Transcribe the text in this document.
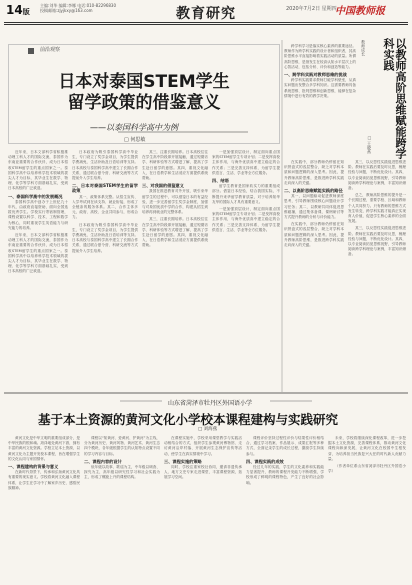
14版
主编:刘华 编辑:李娜 电话:010-82296830
投稿邮箱:zjyjkxy@163.com	教育研究	2020年7月2日 星期四
中国教师报
前沿观察
日本对泰国STEM学生
留学政策的借鉴意义
——以泰国科学高中为例
□ 何思敏
教师成长	以教师高阶思维赋能跨学科实践
□ 王晓燕

跨学科学习是落实核心素养的重要途径。教师作为跨学科实践的设计者和组织者，其高阶思维水平直接影响着实践活动的质量。所谓高阶思维，是指发生在较高认知水平层次上的心智活动，包括分析、评价和创造等能力。

一、跨学科实践对教师思维的挑战

跨学科实践要求教师打破学科壁垒，从真实问题出发整合多学科知识。这需要教师具备系统思维、批判思维和创新思维，能够在复杂情境中进行有效的教学决策。

近年来，日本文部科学省积极推动理工科人才的国际交流，泰国作为东南亚重要的合作伙伴，成为日本招收STEM留学生的重点国家之一。泰国科学高中以培养科学技术领域的拔尖人才为目标，其毕业生在数学、物理、化学等学科方面基础扎实，受到日本高校的广泛欢迎。

一、泰国科学高中的发展概况

泰国科学高中创办于上世纪九十年代，由政府直接资助，面向全国选拔优秀学生。学校实行寄宿制管理，课程设置以科学、技术、工程和数学为核心，同时重视学生英语能力与研究能力的培养。

近年来，日本文部科学省积极推动理工科人才的国际交流，泰国作为东南亚重要的合作伙伴，成为日本招收STEM留学生的重点国家之一。泰国科学高中以培养科学技术领域的拔尖人才为目标，其毕业生在数学、物理、化学等学科方面基础扎实，受到日本高校的广泛欢迎。

日本政府为吸引泰国科学高中毕业生，专门设立了奖学金项目，为学生提供学费减免、生活补助及日语培训等支持。日本高校与泰国科学高中建立了长期合作关系，通过联合夏令营、科研交流等方式提前介入学生培养。

二、日本对泰国STEM学生的留学政策

其一，政策体系完整。从招生宣传、入学考试到在读支持、就业衔接，形成了全链条的服务体系。其二，合作主体多元，政府、高校、企业共同参与，形成合力。

日本政府为吸引泰国科学高中毕业生，专门设立了奖学金项目，为学生提供学费减免、生活补助及日语培训等支持。日本高校与泰国科学高中建立了长期合作关系，通过联合夏令营、科研交流等方式提前介入学生培养。

其三，注重长期培养。日本高校往往在学生高中阶段即开展接触，通过短期访学、科研体验等方式增进了解，提高了学生赴日留学的意愿。其四，重视文化融入，在日语教学和生活适应方面提供系统帮助。

三、对我国的借鉴意义

我国在推进教育对外开放、吸引来华留学生的过程中，可以借鉴日本的有益经验，进一步完善留学生奖学金制度，加强与对象国优质中学的合作，构建从招生到培养再到就业的完整体系。

其三，注重长期培养。日本高校往往在学生高中阶段即开展接触，通过短期访学、科研体验等方式增进了解，提高了学生赴日留学的意愿。其四，重视文化融入，在日语教学和生活适应方面提供系统帮助。

一是加强顶层设计，制定面向重点国家的STEM留学生专项计划；二是发挥高校主体作用，与海外优质高中建立稳定的合作关系；三是完善支持体系，为留学生提供语言、生活、学业等全方位服务。

四、结语

留学生教育是国家软实力的重要组成部分。借鉴日本经验，结合我国实际，不断提升来华留学教育质量，对于培养知华友华的国际人才具有重要意义。

一是加强顶层设计，制定面向重点国家的STEM留学生专项计划；二是发挥高校主体作用，与海外优质高中建立稳定的合作关系；三是完善支持体系，为留学生提供语言、生活、学业等全方位服务。

在实践中，部分教师仍停留在知识拼盘式的浅层整合，缺乏对学科本质和问题逻辑的深入思考。因此，提升教师高阶思维，是推进跨学科实践走向深入的关键。

二、以高阶思维赋能实践的路径

其一，以问题驱动促进教师深度思考，引导教师围绕核心问题设计学习任务；其二，以教研共同体促进思维碰撞，通过集体备课、课例研讨等方式提升教师的分析与评价能力。

在实践中，部分教师仍停留在知识拼盘式的浅层整合，缺乏对学科本质和问题逻辑的深入思考。因此，提升教师高阶思维，是推进跨学科实践走向深入的关键。

其三，以反思性实践促进思维进阶。教师在实践后要及时反思，梳理经验与问题，不断优化设计。其四，以专业阅读拓宽思维视野，引导教师阅读跨学科理论与案例，丰富知识储备。

总之，教师高阶思维的提升是一个长期过程，需要学校、区域和教师个人共同努力。只有教师的思维方式发生转变，跨学科实践才能真正实现育人价值，促进学生核心素养的全面发展。

其三，以反思性实践促进思维进阶。教师在实践后要及时反思，梳理经验与问题，不断优化设计。其四，以专业阅读拓宽思维视野，引导教师阅读跨学科理论与案例，丰富知识储备。

山东省菏泽市牡丹区外国语小学
基于本土资源的黄河文化小学校本课程建构与实践研究
□ 刘海燕

黄河文化是中华文明的重要组成部分，是中华民族的根和魂。菏泽地处黄河下游，拥有丰富的黄河文化资源。学校立足本土资源，以黄河文化为主题开发校本课程，旨在增强学生的文化认同与家国情怀。

一、课程建构的背景与意义

在新时代背景下，传承和弘扬黄河文化具有重要的现实意义。学校将黄河文化融入课程体系，让学生在学习中了解家乡历史、感悟民族精神。

课程以“知黄河、爱黄河、护黄河”为主线，分为黄河历史、黄河风物、黄河艺术、黄河生态四个模块，各年级根据学生的认知特点设置不同的学习内容与目标。

二、课程内容的设计

低年级以故事、歌谣为主，中年级以调查、探究为主，高年级以研究性学习和社会实践为主，形成了螺旋上升的课程结构。

在课程实施中，学校采用课堂教学与实践活动相结合的方式，组织学生参观黄河博物馆、走访黄河沿岸村落、开展黄河生态保护宣传等活动，使学生在真实情境中学习。

三、课程实施的策略

同时，学校注重家校社协同，邀请非遗传承人、地方文史专家走进课堂，丰富课程资源，拓展学习空间。

课程评价坚持过程性评价与结果性评价相结合，通过学习档案、作品展示、成果汇报等多种方式，全面记录学生的成长过程，激励学生持续参与。

四、课程实践的成效

经过几年的实践，学生的文化素养和实践能力显著提升，教师的课程开发能力不断增强，学校形成了鲜明的课程特色，产生了良好的社会影响。

未来，学校将继续深化课程改革，进一步挖掘本土文化资源，完善课程体系，推动黄河文化课程向纵深发展，让黄河文化在校园中生根发芽，为培养担当民族复兴大任的时代新人贡献力量。

（作者单位系山东省菏泽市牡丹区外国语小学）
